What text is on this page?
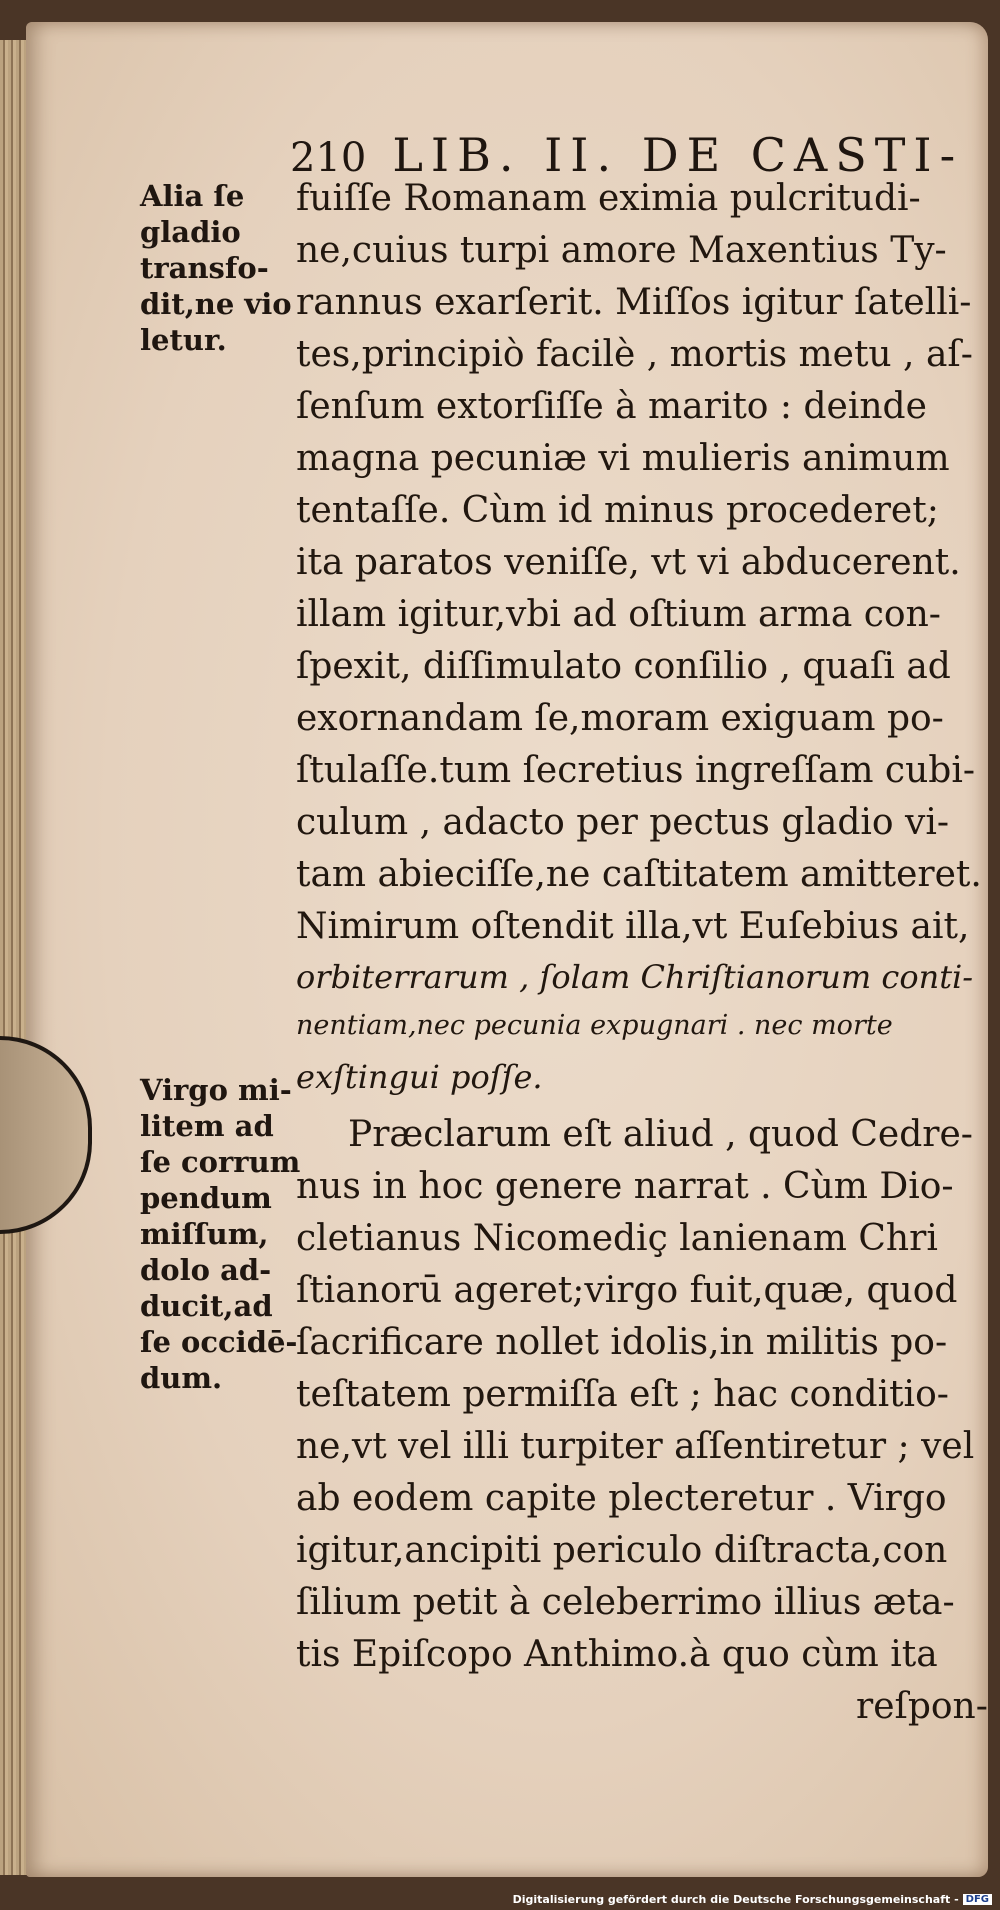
210 LIB. II. DE CASTI-
Alia ſe
gladio
transfo-
dit,ne vio
letur.
Virgo mi-
litem ad
ſe corrum
pendum
miſſum,
dolo ad-
ducit,ad
ſe occidē-
dum.
fuiſſe Romanam eximia pulcritudi-
ne,cuius turpi amore Maxentius Ty-
rannus exarſerit. Miſſos igitur ſatelli-
tes,principiò facilè , mortis metu , aſ-
ſenſum extorſiſſe à marito : deinde
magna pecuniæ vi mulieris animum
tentaſſe. Cùm id minus procederet;
ita paratos veniſſe, vt vi abducerent.
illam igitur,vbi ad oſtium arma con-
ſpexit, diſſimulato conſilio , quaſi ad
exornandam ſe,moram exiguam po-
ſtulaſſe.tum ſecretius ingreſſam cubi-
culum , adacto per pectus gladio vi-
tam abieciſſe,ne caſtitatem amitteret.
Nimirum oſtendit illa,vt Euſebius ait,
orbiterrarum , ſolam Chriſtianorum conti-
nentiam,nec pecunia expugnari . nec morte
exſtingui poſſe.
Præclarum eſt aliud , quod Cedre-
nus in hoc genere narrat . Cùm Dio-
cletianus Nicomediç lanienam Chri
ſtianorū ageret;virgo fuit,quæ, quod
ſacrificare nollet idolis,in militis po-
teſtatem permiſſa eſt ; hac conditio-
ne,vt vel illi turpiter aſſentiretur ; vel
ab eodem capite plecteretur . Virgo
igitur,ancipiti periculo diſtracta,con
ſilium petit à celeberrimo illius æta-
tis Epiſcopo Anthimo.à quo cùm ita
reſpon-
Digitalisierung gefördert durch die Deutsche Forschungsgemeinschaft - DFG
